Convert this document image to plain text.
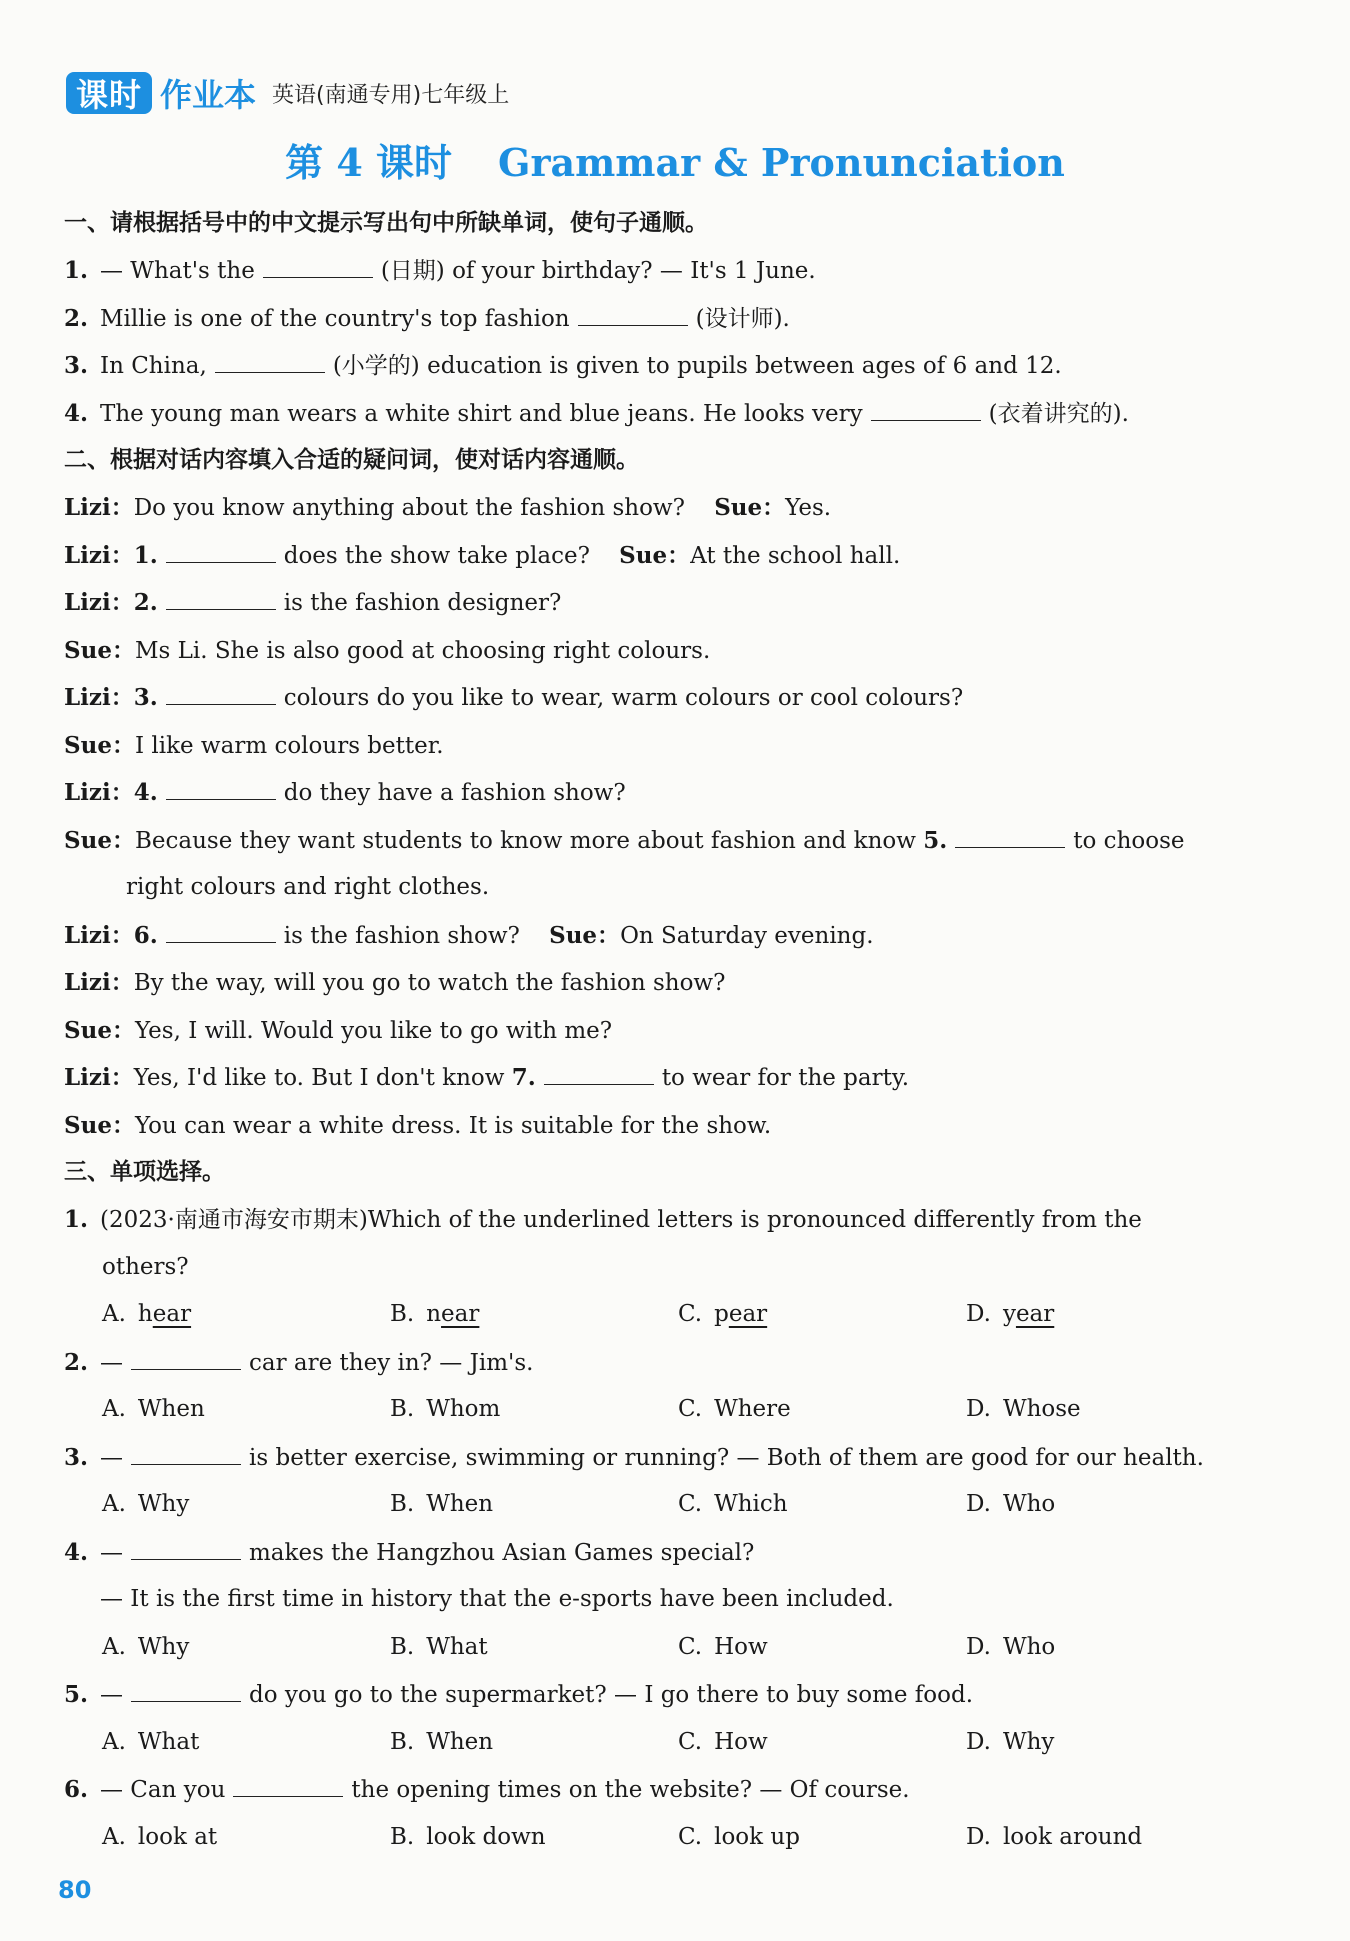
课时 作业本 英语(南通专用)七年级上
第 4 课时 Grammar & Pronunciation
一、请根据括号中的中文提示写出句中所缺单词，使句子通顺。
1. — What's the	(日期) of your birthday? — It's 1 June.
2. Millie is one of the country's top fashion	(设计师).
3. In China,	(小学的) education is given to pupils between ages of 6 and 12.
4. The young man wears a white shirt and blue jeans. He looks very	(衣着讲究的).
二、根据对话内容填入合适的疑问词，使对话内容通顺。
Lizi：Do you know anything about the fashion show? Sue：Yes.
Lizi：1.	does the show take place? Sue：At the school hall.
Lizi：2.	is the fashion designer?
Sue：Ms Li. She is also good at choosing right colours.
Lizi：3.	colours do you like to wear, warm colours or cool colours?
Sue：I like warm colours better.
Lizi：4.	do they have a fashion show?
Sue：Because they want students to know more about fashion and know 5.	to choose
right colours and right clothes.
Lizi：6.	is the fashion show? Sue：On Saturday evening.
Lizi：By the way, will you go to watch the fashion show?
Sue：Yes, I will. Would you like to go with me?
Lizi：Yes, I'd like to. But I don't know 7.	to wear for the party.
Sue：You can wear a white dress. It is suitable for the show.
三、单项选择。
1. (2023·南通市海安市期末)Which of the underlined letters is pronounced differently from the
others?
A. hear	B. near	C. pear	D. year
2. —	car are they in? — Jim's.
A. When	B. Whom	C. Where	D. Whose
3. —	is better exercise, swimming or running? — Both of them are good for our health.
A. Why	B. When	C. Which	D. Who
4. —	makes the Hangzhou Asian Games special?
— It is the first time in history that the e-sports have been included.
A. Why	B. What	C. How	D. Who
5. —	do you go to the supermarket? — I go there to buy some food.
A. What	B. When	C. How	D. Why
6. — Can you	the opening times on the website? — Of course.
A. look at	B. look down	C. look up	D. look around
80
